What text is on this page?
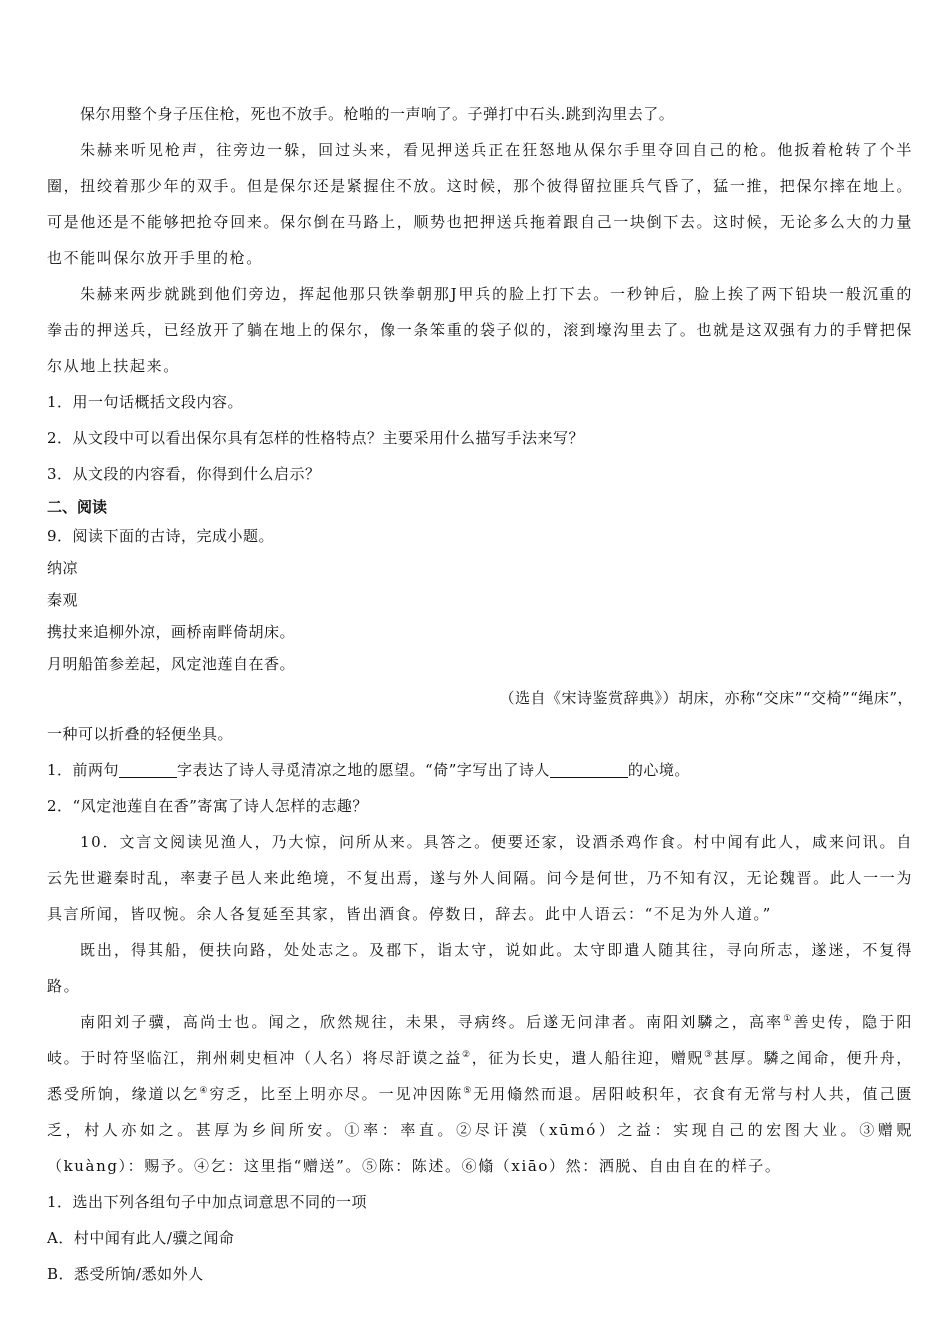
保尔用整个身子压住枪，死也不放手。枪啪的一声响了。子弹打中石头.跳到沟里去了。
朱赫来听见枪声，往旁边一躲，回过头来，看见押送兵正在狂怒地从保尔手里夺回自己的枪。他扳着枪转了个半圈，扭绞着那少年的双手。但是保尔还是紧握住不放。这时候，那个彼得留拉匪兵气昏了，猛一推，把保尔摔在地上。可是他还是不能够把抢夺回来。保尔倒在马路上，顺势也把押送兵拖着跟自己一块倒下去。这时候，无论多么大的力量也不能叫保尔放开手里的枪。
朱赫来两步就跳到他们旁边，挥起他那只铁拳朝那J甲兵的脸上打下去。一秒钟后，脸上挨了两下铅块一般沉重的拳击的押送兵，已经放开了躺在地上的保尔，像一条笨重的袋子似的，滚到壕沟里去了。也就是这双强有力的手臂把保尔从地上扶起来。
1．用一句话概括文段内容。
2．从文段中可以看出保尔具有怎样的性格特点？主要采用什么描写手法来写？
3．从文段的内容看，你得到什么启示？
二、阅读
9．阅读下面的古诗，完成小题。
纳凉
秦观
携扙来追柳外凉，画桥南畔倚胡床。
月明船笛参差起，风定池莲自在香。
（选自《宋诗鉴赏辞典》）胡床，亦称“交床”“交椅”“绳床”，
一种可以折叠的轻便坐具。
1．前两句	字表达了诗人寻觅清凉之地的愿望。“倚”字写出了诗人	的心境。
2．“风定池莲自在香”寄寓了诗人怎样的志趣？
10．文言文阅读见渔人，乃大惊，问所从来。具答之。便要还家，设酒杀鸡作食。村中闻有此人，咸来问讯。自云先世避秦时乱，率妻子邑人来此绝境，不复出焉，遂与外人间隔。问今是何世，乃不知有汉，无论魏晋。此人一一为具言所闻，皆叹惋。余人各复延至其家，皆出酒食。停数日，辞去。此中人语云：“不足为外人道。”
既出，得其船，便扶向路，处处志之。及郡下，诣太守，说如此。太守即遣人随其往，寻向所志，遂迷，不复得路。
南阳刘子骥，高尚士也。闻之，欣然规往，未果，寻病终。后遂无问津者。南阳刘驎之，高率①善史传，隐于阳岐。于时符坚临江，荆州刺史桓冲（人名）将尽訏谟之益②，征为长史，遣人船往迎，赠贶③甚厚。驎之闻命，便升舟，悉受所饷，缘道以乞④穷乏，比至上明亦尽。一见冲因陈⑤无用翛然而退。居阳岐积年，衣食有无常与村人共，值己匮乏，村人亦如之。甚厚为乡间所安。①率：率直。②尽讦漠（xūmó）之益：实现自己的宏图大业。③赠贶（kuàng）：赐予。④乞：这里指“赠送”。⑤陈：陈述。⑥翛（xiāo）然：洒脱、自由自在的样子。
1．选出下列各组句子中加点词意思不同的一项
A．村中闻有此人/骥之闻命
B．悉受所饷/悉如外人
